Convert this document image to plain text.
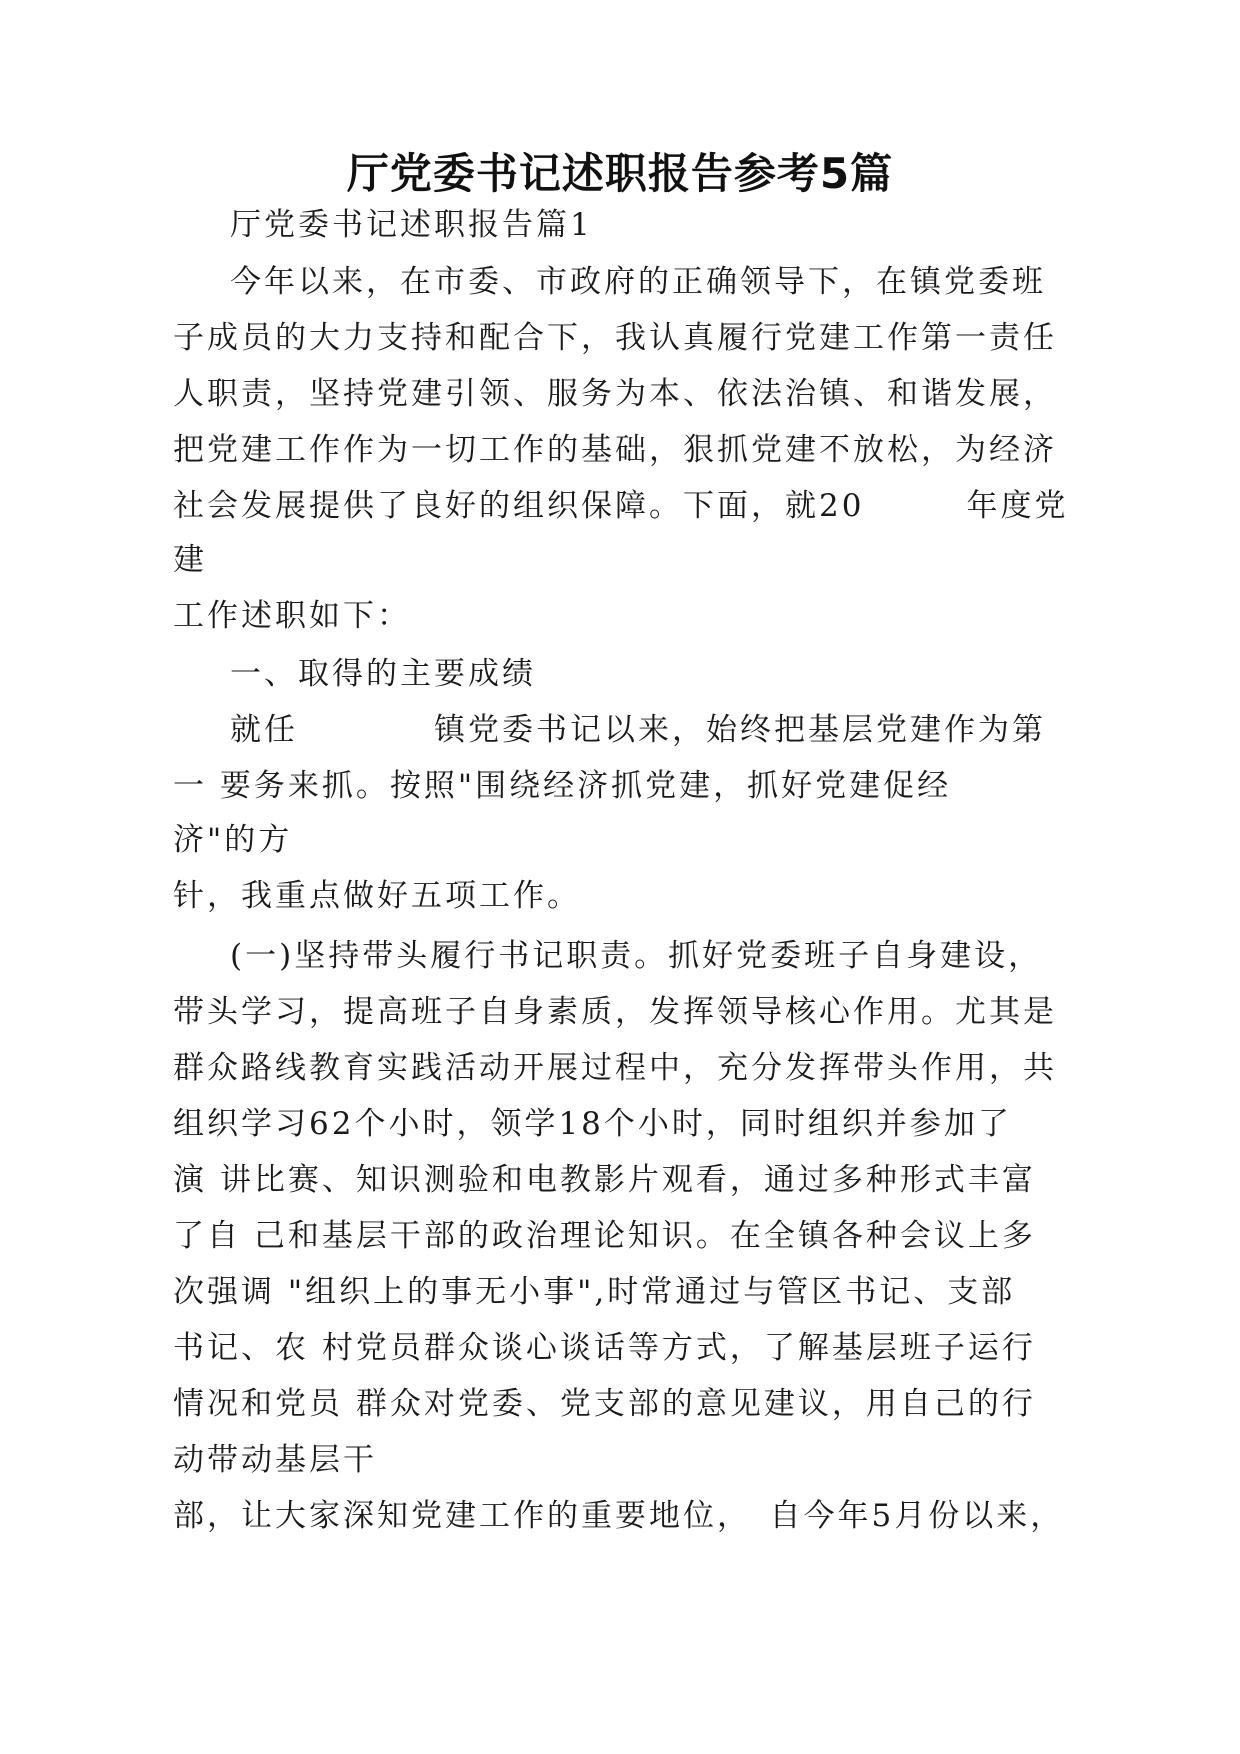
厅党委书记述职报告参考5篇
厅党委书记述职报告篇1
今年以来，在市委、市政府的正确领导下，在镇党委班
子成员的大力支持和配合下，我认真履行党建工作第一责任
人职责，坚持党建引领、服务为本、依法治镇、和谐发展，
把党建工作作为一切工作的基础，狠抓党建不放松，为经济
社会发展提供了良好的组织保障。下面，就20　　　年度党
建
工作述职如下：
一、取得的主要成绩
就任　　　　镇党委书记以来，始终把基层党建作为第
一 要务来抓。按照"围绕经济抓党建，抓好党建促经
济"的方
针，我重点做好五项工作。
(一)坚持带头履行书记职责。抓好党委班子自身建设，
带头学习，提高班子自身素质，发挥领导核心作用。尤其是
群众路线教育实践活动开展过程中，充分发挥带头作用，共
组织学习62个小时，领学18个小时，同时组织并参加了
演 讲比赛、知识测验和电教影片观看，通过多种形式丰富
了自 己和基层干部的政治理论知识。在全镇各种会议上多
次强调 "组织上的事无小事",时常通过与管区书记、支部
书记、农 村党员群众谈心谈话等方式，了解基层班子运行
情况和党员 群众对党委、党支部的意见建议，用自己的行
动带动基层干
部，让大家深知党建工作的重要地位，　自今年5月份以来，
